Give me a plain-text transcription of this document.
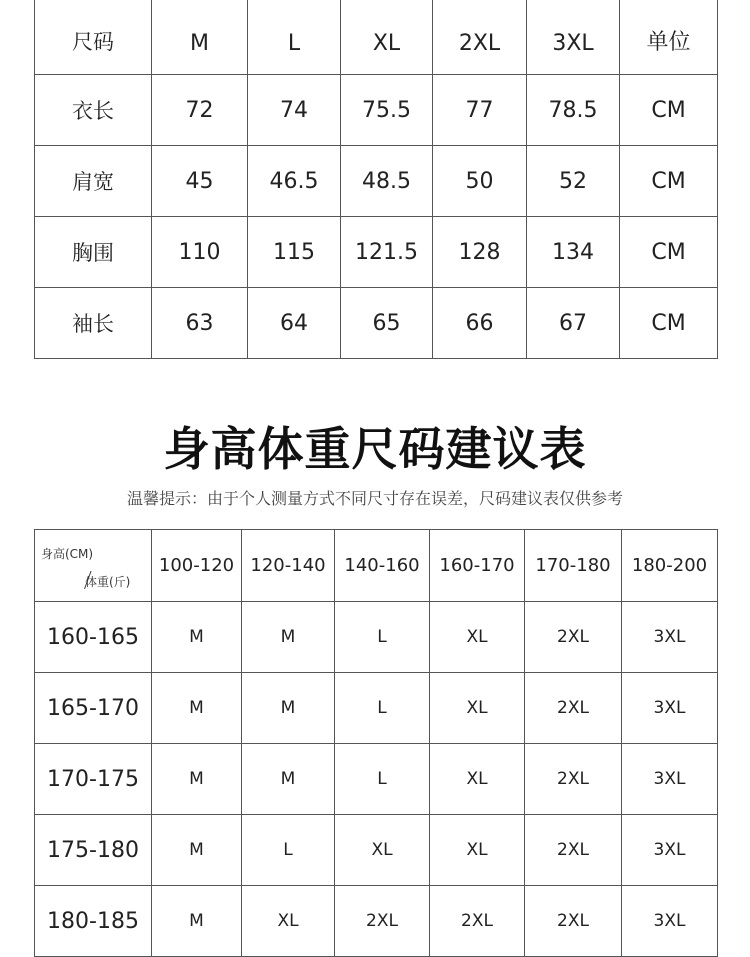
尺码	M	L	XL	2XL	3XL	单位
衣长	72	74	75.5	77	78.5	CM
肩宽	45	46.5	48.5	50	52	CM
胸围	110	115	121.5	128	134	CM
袖长	63	64	65	66	67	CM
身高体重尺码建议表
温馨提示：由于个人测量方式不同尺寸存在误差，尺码建议表仅供参考
身高(CM)
体重(斤)	100-120	120-140	140-160	160-170	170-180	180-200
160-165	M	M	L	XL	2XL	3XL
165-170	M	M	L	XL	2XL	3XL
170-175	M	M	L	XL	2XL	3XL
175-180	M	L	XL	XL	2XL	3XL
180-185	M	XL	2XL	2XL	2XL	3XL
